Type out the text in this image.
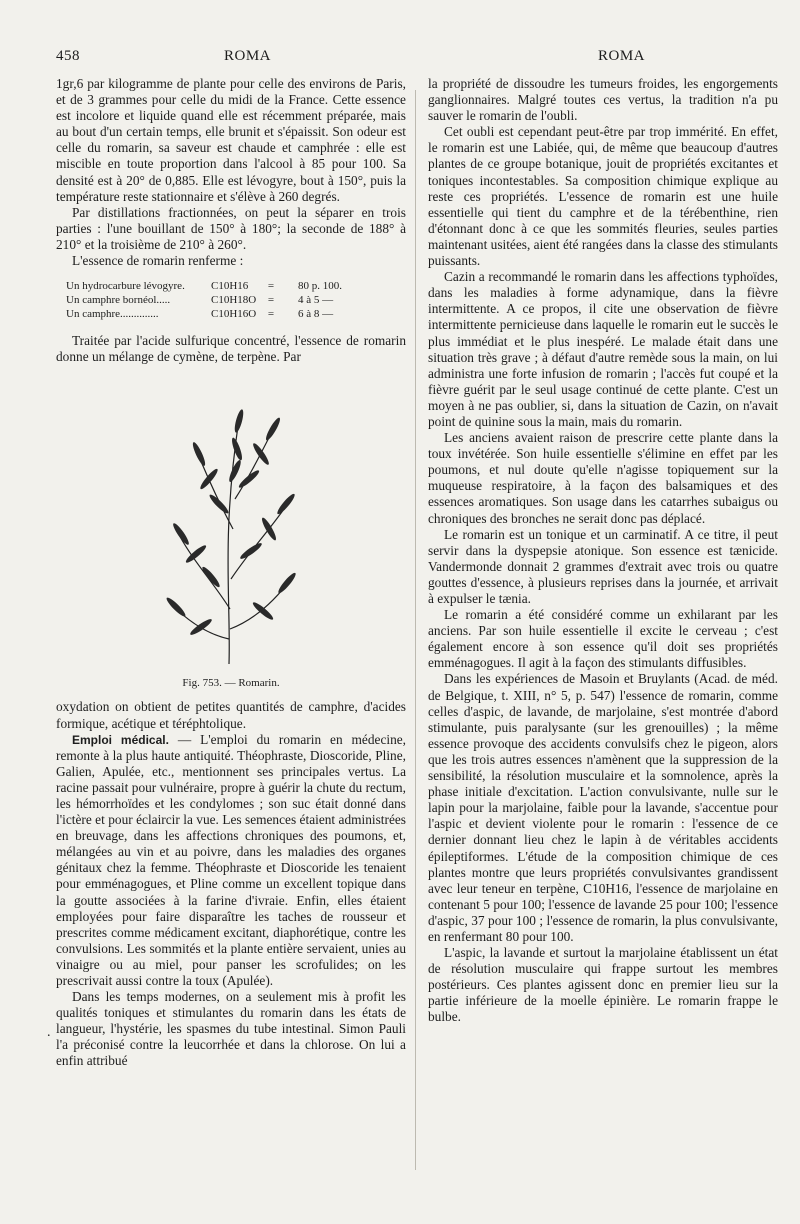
458	ROMA	ROMA
.

1gr,6 par kilogramme de plante pour celle des environs de Paris, et de 3 grammes pour celle du midi de la France. Cette essence est incolore et liquide quand elle est récemment préparée, mais au bout d'un certain temps, elle brunit et s'épaissit. Son odeur est celle du romarin, sa saveur est chaude et camphrée : elle est miscible en toute proportion dans l'alcool à 85 pour 100. Sa densité est à 20° de 0,885. Elle est lévogyre, bout à 150°, puis la température reste stationnaire et s'élève à 260 degrés.

Par distillations fractionnées, on peut la séparer en trois parties : l'une bouillant de 150° à 180°; la seconde de 188° à 210° et la troisième de 210° à 260°.

L'essence de romarin renferme :

Un hydrocarbure lévogyre.	C10H16	=	80 p. 100.
Un camphre bornéol.....	C10H18O	=	4 à 5 —
Un camphre..............	C10H16O	=	6 à 8 —

Traitée par l'acide sulfurique concentré, l'essence de romarin donne un mélange de cymène, de terpène. Par

Fig. 753. — Romarin.

oxydation on obtient de petites quantités de camphre, d'acides formique, acétique et téréphtolique.

Emploi médical. — L'emploi du romarin en médecine, remonte à la plus haute antiquité. Théophraste, Dioscoride, Pline, Galien, Apulée, etc., mentionnent ses principales vertus. La racine passait pour vulnéraire, propre à guérir la chute du rectum, les hémorrhoïdes et les condylomes ; son suc était donné dans l'ictère et pour éclaircir la vue. Les semences étaient administrées en breuvage, dans les affections chroniques des poumons, et, mélangées au vin et au poivre, dans les maladies des organes génitaux chez la femme. Théophraste et Dioscoride les tenaient pour emménagogues, et Pline comme un excellent topique dans la goutte associées à la farine d'ivraie. Enfin, elles étaient employées pour faire disparaître les taches de rousseur et prescrites comme médicament excitant, diaphorétique, contre les convulsions. Les sommités et la plante entière servaient, unies au vinaigre ou au miel, pour panser les scrofulides; on les prescrivait aussi contre la toux (Apulée).

Dans les temps modernes, on a seulement mis à profit les qualités toniques et stimulantes du romarin dans les états de langueur, l'hystérie, les spasmes du tube intestinal. Simon Pauli l'a préconisé contre la leucorrhée et dans la chlorose. On lui a enfin attribué

la propriété de dissoudre les tumeurs froides, les engorgements ganglionnaires. Malgré toutes ces vertus, la tradition n'a pu sauver le romarin de l'oubli.

Cet oubli est cependant peut-être par trop immérité. En effet, le romarin est une Labiée, qui, de même que beaucoup d'autres plantes de ce groupe botanique, jouit de propriétés excitantes et toniques incontestables. Sa composition chimique explique au reste ces propriétés. L'essence de romarin est une huile essentielle qui tient du camphre et de la térébenthine, rien d'étonnant donc à ce que les sommités fleuries, seules parties maintenant usitées, aient été rangées dans la classe des stimulants puissants.

Cazin a recommandé le romarin dans les affections typhoïdes, dans les maladies à forme adynamique, dans la fièvre intermittente. A ce propos, il cite une observation de fièvre intermittente pernicieuse dans laquelle le romarin eut le succès le plus immédiat et le plus inespéré. Le malade était dans une situation très grave ; à défaut d'autre remède sous la main, on lui administra une forte infusion de romarin ; l'accès fut coupé et la fièvre guérit par le seul usage continué de cette plante. C'est un moyen à ne pas oublier, si, dans la situation de Cazin, on n'avait point de quinine sous la main, mais du romarin.

Les anciens avaient raison de prescrire cette plante dans la toux invétérée. Son huile essentielle s'élimine en effet par les poumons, et nul doute qu'elle n'agisse topiquement sur la muqueuse respiratoire, à la façon des balsamiques et des essences aromatiques. Son usage dans les catarrhes subaigus ou chroniques des bronches ne serait donc pas déplacé.

Le romarin est un tonique et un carminatif. A ce titre, il peut servir dans la dyspepsie atonique. Son essence est tænicide. Vandermonde donnait 2 grammes d'extrait avec trois ou quatre gouttes d'essence, à plusieurs reprises dans la journée, et arrivait à expulser le tænia.

Le romarin a été considéré comme un exhilarant par les anciens. Par son huile essentielle il excite le cerveau ; c'est également encore à son essence qu'il doit ses propriétés emménagogues. Il agit à la façon des stimulants diffusibles.

Dans les expériences de Masoin et Bruylants (Acad. de méd. de Belgique, t. XIII, n° 5, p. 547) l'essence de romarin, comme celles d'aspic, de lavande, de marjolaine, s'est montrée d'abord stimulante, puis paralysante (sur les grenouilles) ; la même essence provoque des accidents convulsifs chez le pigeon, alors que les trois autres essences n'amènent que la suppression de la sensibilité, la résolution musculaire et la somnolence, après la phase initiale d'excitation. L'action convulsivante, nulle sur le lapin pour la marjolaine, faible pour la lavande, s'accentue pour l'aspic et devient violente pour le romarin : l'essence de ce dernier donnant lieu chez le lapin à de véritables accidents épileptiformes. L'étude de la composition chimique de ces plantes montre que leurs propriétés convulsivantes grandissent avec leur teneur en terpène, C10H16, l'essence de marjolaine en contenant 5 pour 100; l'essence de lavande 25 pour 100; l'essence d'aspic, 37 pour 100 ; l'essence de romarin, la plus convulsivante, en renfermant 80 pour 100.

L'aspic, la lavande et surtout la marjolaine établissent un état de résolution musculaire qui frappe surtout les membres postérieurs. Ces plantes agissent donc en premier lieu sur la partie inférieure de la moelle épinière. Le romarin frappe le bulbe.
